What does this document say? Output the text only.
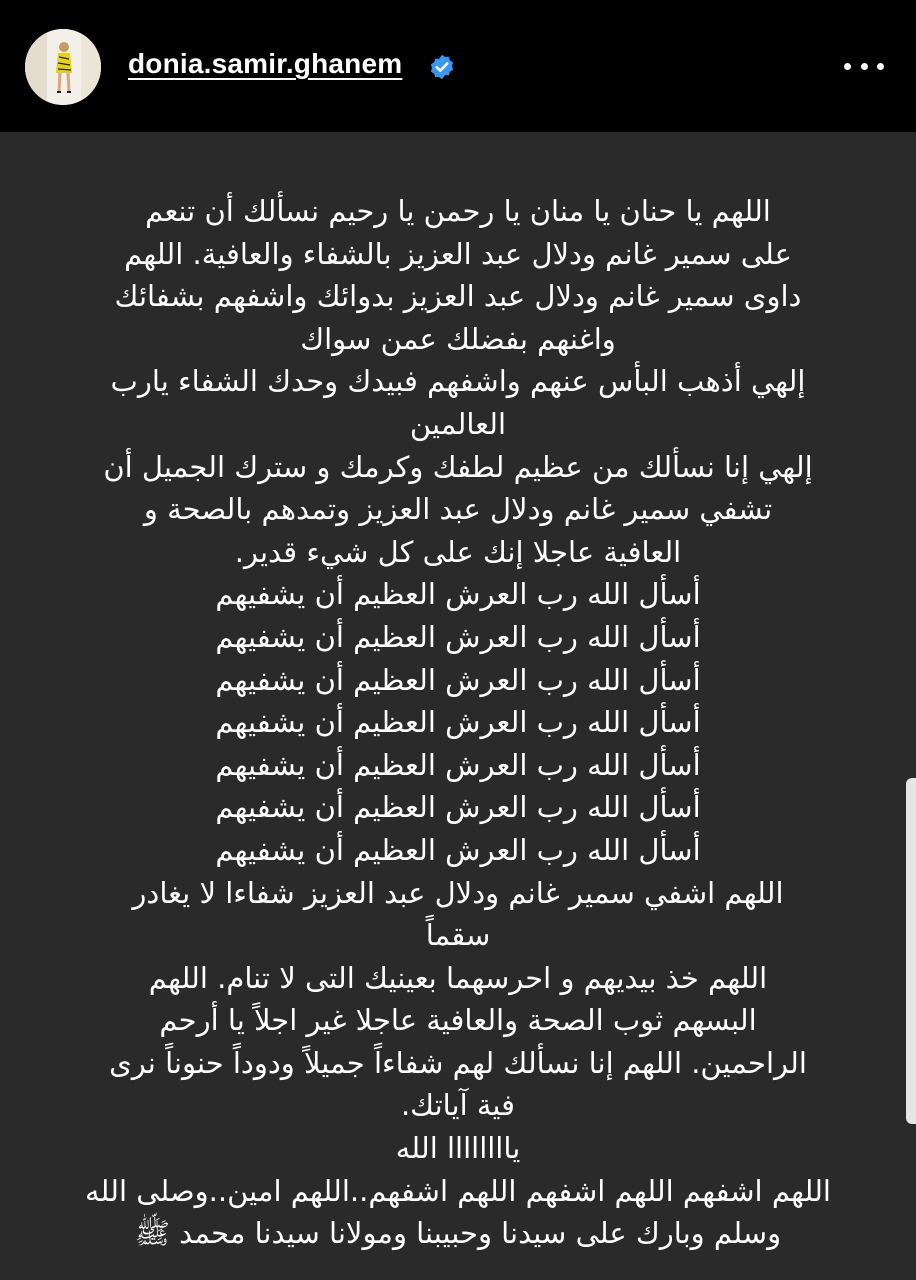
donia.samir.ghanem
اللهم يا حنان يا منان يا رحمن يا رحيم نسألك أن تنعم
على سمير غانم ودلال عبد العزيز بالشفاء والعافية. اللهم
داوى سمير غانم ودلال عبد العزيز بدوائك واشفهم بشفائك
واغنهم بفضلك عمن سواك
إلهي أذهب البأس عنهم واشفهم فبيدك وحدك الشفاء يارب
العالمين
إلهي إنا نسألك من عظيم لطفك وكرمك و سترك الجميل أن
تشفي سمير غانم ودلال عبد العزيز وتمدهم بالصحة و
العافية عاجلا إنك على كل شيء قدير.
أسأل الله رب العرش العظيم أن يشفيهم
أسأل الله رب العرش العظيم أن يشفيهم
أسأل الله رب العرش العظيم أن يشفيهم
أسأل الله رب العرش العظيم أن يشفيهم
أسأل الله رب العرش العظيم أن يشفيهم
أسأل الله رب العرش العظيم أن يشفيهم
أسأل الله رب العرش العظيم أن يشفيهم
اللهم اشفي سمير غانم ودلال عبد العزيز شفاءا لا يغادر
سقماً
اللهم خذ بيديهم و احرسهما بعينيك التى لا تنام. اللهم
البسهم ثوب الصحة والعافية عاجلا غير اجلاً يا أرحم
الراحمين. اللهم إنا نسألك لهم شفاءاً جميلاً ودوداً حنوناً نرى
فية آياتك.
ياااااااا الله
اللهم اشفهم اللهم اشفهم اللهم اشفهم..اللهم امين..وصلى الله
وسلم وبارك على سيدنا وحبيبنا ومولانا سيدنا محمد ﷺ
